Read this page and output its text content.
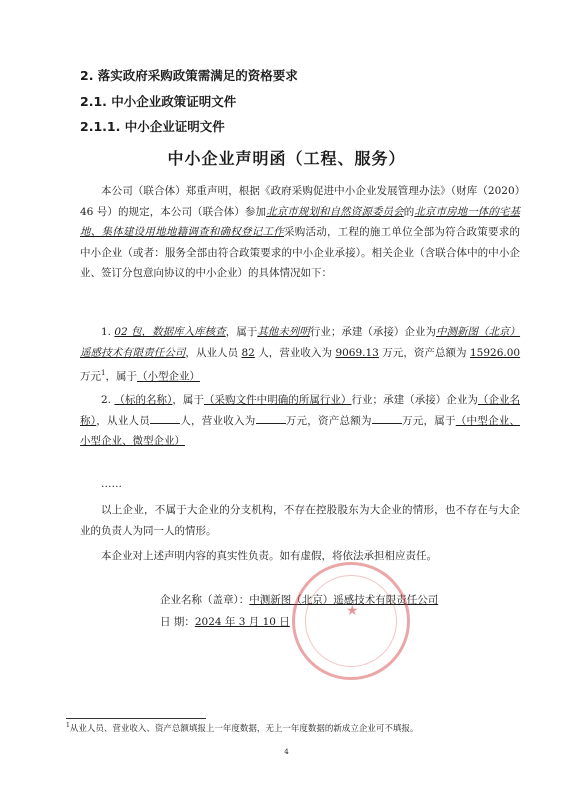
2. 落实政府采购政策需满足的资格要求
2.1. 中小企业政策证明文件
2.1.1. 中小企业证明文件
中小企业声明函（工程、服务）
本公司（联合体）郑重声明，根据《政府采购促进中小企业发展管理办法》（财库（2020）46 号）的规定，本公司（联合体）参加北京市规划和自然资源委员会的北京市房地一体的宅基地、集体建设用地地籍调查和确权登记工作采购活动，工程的施工单位全部为符合政策要求的中小企业（或者：服务全部由符合政策要求的中小企业承接）。相关企业（含联合体中的中小企业、签订分包意向协议的中小企业）的具体情况如下：
1. 02 包，数据库入库核查，属于其他未列明行业；承建（承接）企业为中测新图（北京）遥感技术有限责任公司，从业人员 82 人，营业收入为 9069.13 万元，资产总额为 15926.00 万元$^1$，属于（小型企业）
2. （标的名称），属于（采购文件中明确的所属行业）行业；承建（承接）企业为（企业名称），从业人员	人，营业收入为	万元，资产总额为	万元，属于（中型企业、小型企业、微型企业）
……
以上企业，不属于大企业的分支机构，不存在控股股东为大企业的情形，也不存在与大企业的负责人为同一人的情形。
本企业对上述声明内容的真实性负责。如有虚假，将依法承担相应责任。
企业名称（盖章）：中测新图（北京）遥感技术有限责任公司
日 期：2024 年 3 月 10 日
★
$^1$从业人员、营业收入、资产总额填报上一年度数据，无上一年度数据的新成立企业可不填报。
4
